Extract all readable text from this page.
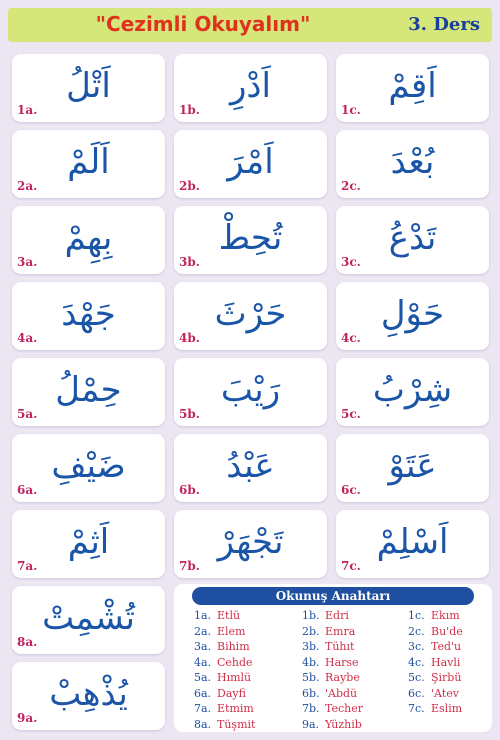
"Cezimli Okuyalım"	3. Ders
اَتْلُ
1a.
اَدْرِ
1b.
اَقِمْ
1c.
اَلَمْ
2a.
اَمْرَ
2b.
بُعْدَ
2c.
بِهِمْ
3a.
تُحِطْ
3b.
تَدْعُ
3c.
جَهْدَ
4a.
حَرْثَ
4b.
حَوْلِ
4c.
حِمْلُ
5a.
رَيْبَ
5b.
شِرْبُ
5c.
ضَيْفِ
6a.
عَبْدُ
6b.
عَتَوْ
6c.
اَثِمْ
7a.
تَجْهَرْ
7b.
اَسْلِمْ
7c.
تُشْمِتْ
8a.
يُذْهِبْ
9a.
Okunuş Anahtarı
1a. Etlü
2a. Elem
3a. Bihim
4a. Cehde
5a. Hımlü
6a. Dayfi
7a. Etmim
8a. Tüşmit
1b. Edri
2b. Emra
3b. Tühıt
4b. Harse
5b. Raybe
6b. 'Abdü
7b. Techer
9a. Yüzhib
1c. Ekım
2c. Bu'de
3c. Ted'u
4c. Havli
5c. Şirbü
6c. 'Atev
7c. Eslim
